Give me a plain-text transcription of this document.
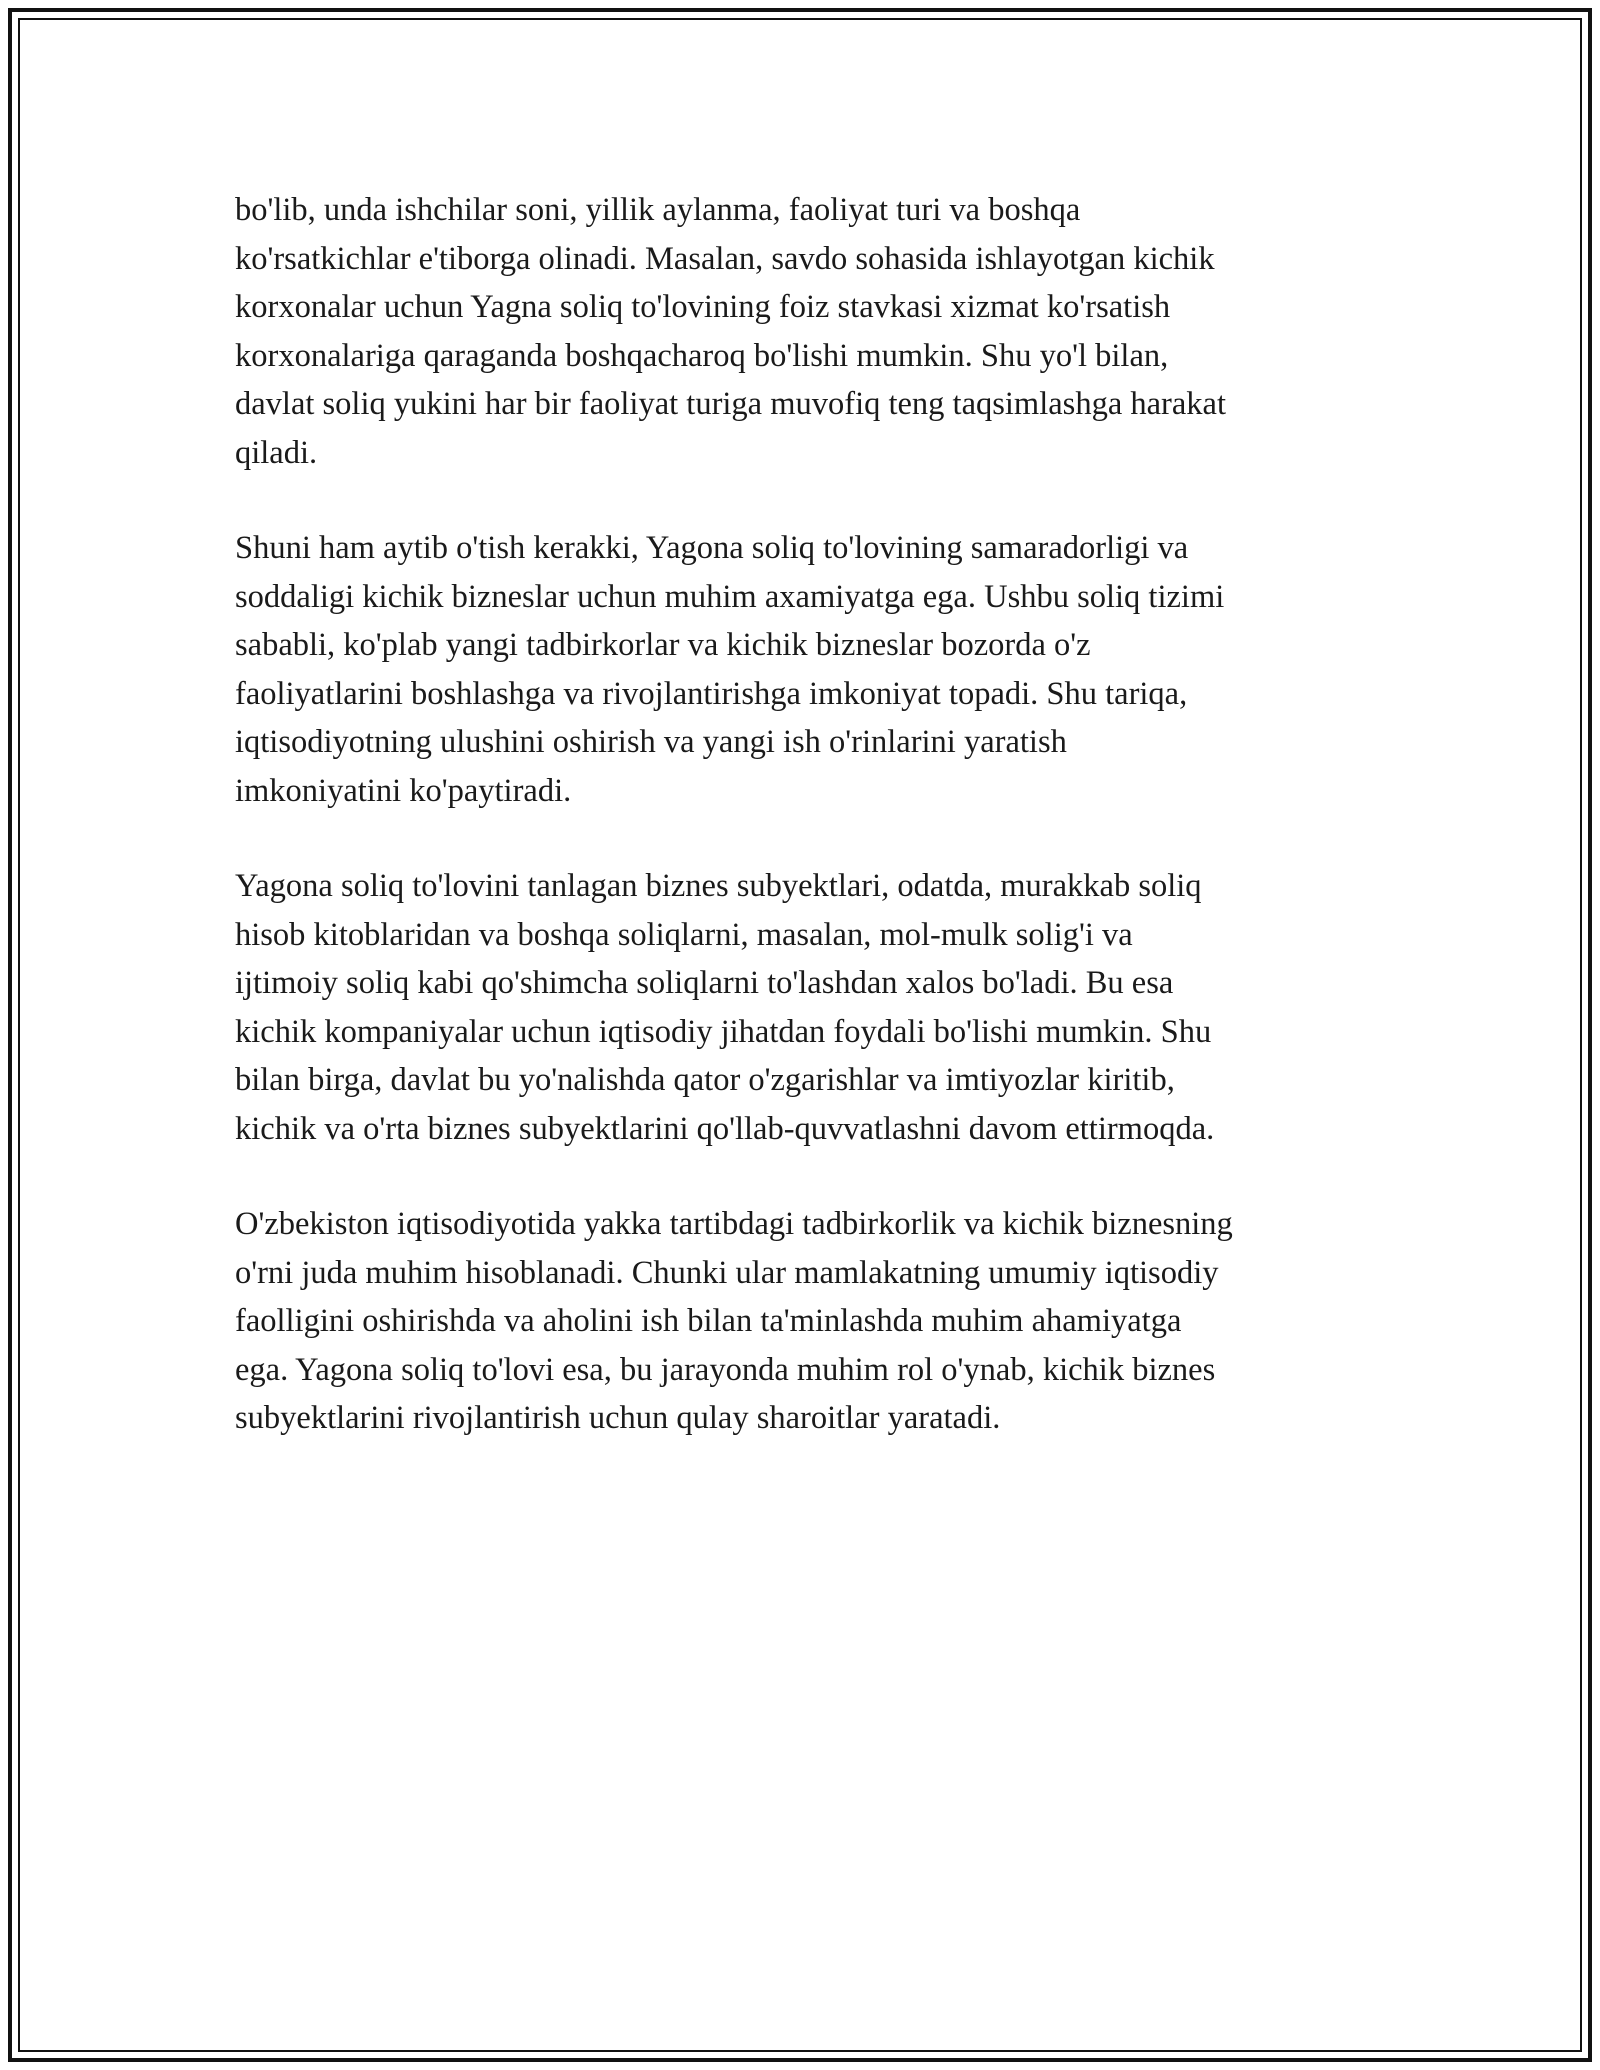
bo'lib, unda ishchilar soni, yillik aylanma, faoliyat turi va boshqa
ko'rsatkichlar e'tiborga olinadi. Masalan, savdo sohasida ishlayotgan kichik
korxonalar uchun Yagna soliq to'lovining foiz stavkasi xizmat ko'rsatish
korxonalariga qaraganda boshqacharoq bo'lishi mumkin. Shu yo'l bilan,
davlat soliq yukini har bir faoliyat turiga muvofiq teng taqsimlashga harakat
qiladi.

Shuni ham aytib o'tish kerakki, Yagona soliq to'lovining samaradorligi va
soddaligi kichik bizneslar uchun muhim axamiyatga ega. Ushbu soliq tizimi
sababli, ko'plab yangi tadbirkorlar va kichik bizneslar bozorda o'z
faoliyatlarini boshlashga va rivojlantirishga imkoniyat topadi. Shu tariqa,
iqtisodiyotning ulushini oshirish va yangi ish o'rinlarini yaratish
imkoniyatini ko'paytiradi.

Yagona soliq to'lovini tanlagan biznes subyektlari, odatda, murakkab soliq
hisob kitoblaridan va boshqa soliqlarni, masalan, mol-mulk solig'i va
ijtimoiy soliq kabi qo'shimcha soliqlarni to'lashdan xalos bo'ladi. Bu esa
kichik kompaniyalar uchun iqtisodiy jihatdan foydali bo'lishi mumkin. Shu
bilan birga, davlat bu yo'nalishda qator o'zgarishlar va imtiyozlar kiritib,
kichik va o'rta biznes subyektlarini qo'llab-quvvatlashni davom ettirmoqda.

O'zbekiston iqtisodiyotida yakka tartibdagi tadbirkorlik va kichik biznesning
o'rni juda muhim hisoblanadi. Chunki ular mamlakatning umumiy iqtisodiy
faolligini oshirishda va aholini ish bilan ta'minlashda muhim ahamiyatga
ega. Yagona soliq to'lovi esa, bu jarayonda muhim rol o'ynab, kichik biznes
subyektlarini rivojlantirish uchun qulay sharoitlar yaratadi.
